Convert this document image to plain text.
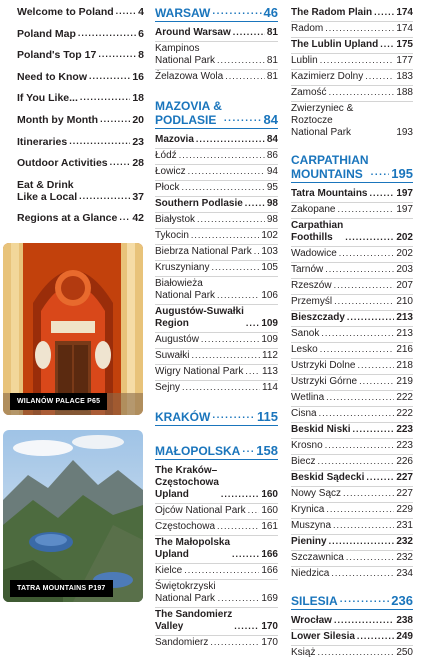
Welcome to Poland ..... 4
Poland Map .....	6
Poland's Top 17 .....	8
Need to Know .....	16
If You Like... .....	18
Month by Month .....	20
Itineraries .....	23
Outdoor Activities ..... 28
Eat & Drink
Like a Local .....	37
Regions at a Glance ..... 42
WILANÓW PALACE P65
TATRA MOUNTAINS P197
WARSAW .....	46
Around Warsaw .....	81
Kampinos
National Park .....	81
Żelazowa Wola .....	81
MAZOVIA &
PODLASIE .....	84
Mazovia .....	84
Łódź .....	86
Łowicz .....	94
Płock .....	95
Southern Podlasie ..... 98
Białystok .....	98
Tykocin .....	102
Biebrza National Park ..... 103
Kruszyniany .....	105
Białowieża
National Park .....	106
Augustów-Suwałki
Region .....	109
Augustów .....	109
Suwałki .....	112
Wigry National Park ..... 113
Sejny .....	114
KRAKÓW .....	115
MAŁOPOLSKA ..... 158
The Kraków–
Częstochowa
Upland .....	160
Ojców National Park ..... 160
Częstochowa .....	161
The Małopolska
Upland .....	166
Kielce .....	166
Świętokrzyski
National Park .....	169
The Sandomierz
Valley .....	170
Sandomierz .....	170
The Radom Plain ..... 174
Radom .....	174
The Lublin Upland ..... 175
Lublin .....	177
Kazimierz Dolny .....	183
Zamość .....	188
Zwierzyniec & Roztocze
National Park	193
CARPATHIAN
MOUNTAINS .....	195
Tatra Mountains .....	197
Zakopane .....	197
Carpathian
Foothills .....	202
Wadowice .....	202
Tarnów .....	203
Rzeszów .....	207
Przemyśl .....	210
Bieszczady .....	213
Sanok .....	213
Lesko .....	216
Ustrzyki Dolne .....	218
Ustrzyki Górne .....	219
Wetlina .....	222
Cisna .....	222
Beskid Niski .....	223
Krosno .....	223
Biecz .....	226
Beskid Sądecki .....	227
Nowy Sącz .....	227
Krynica .....	229
Muszyna .....	231
Pieniny .....	232
Szczawnica .....	232
Niedzica .....	234
SILESIA .....	236
Wrocław .....	238
Lower Silesia .....	249
Książ .....	250
